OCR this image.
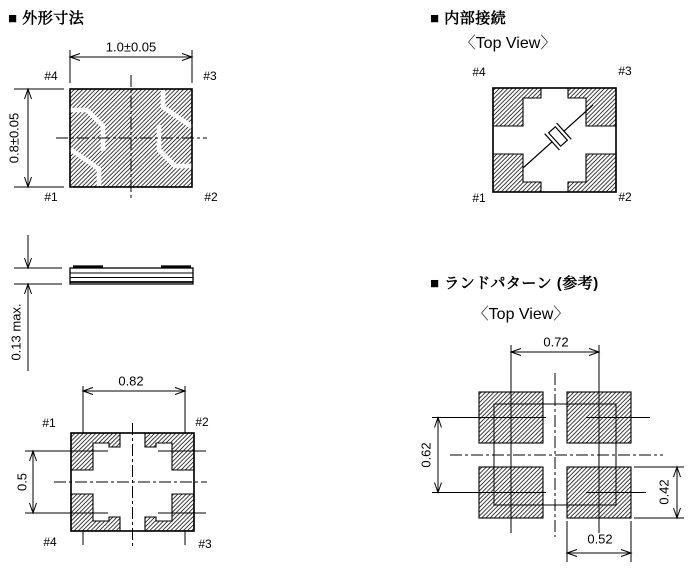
■ 外形寸法	■ 内部接続
〈Top View〉
■ ランドパターン (参考)
〈Top View〉
1.0±0.05
0.8±0.05
#4	#3
#1	#2
0.13 max.
0.82
0.5
#1	#2
#4	#3
#4	#3
#1	#2
0.72
0.62
0.42
0.52
